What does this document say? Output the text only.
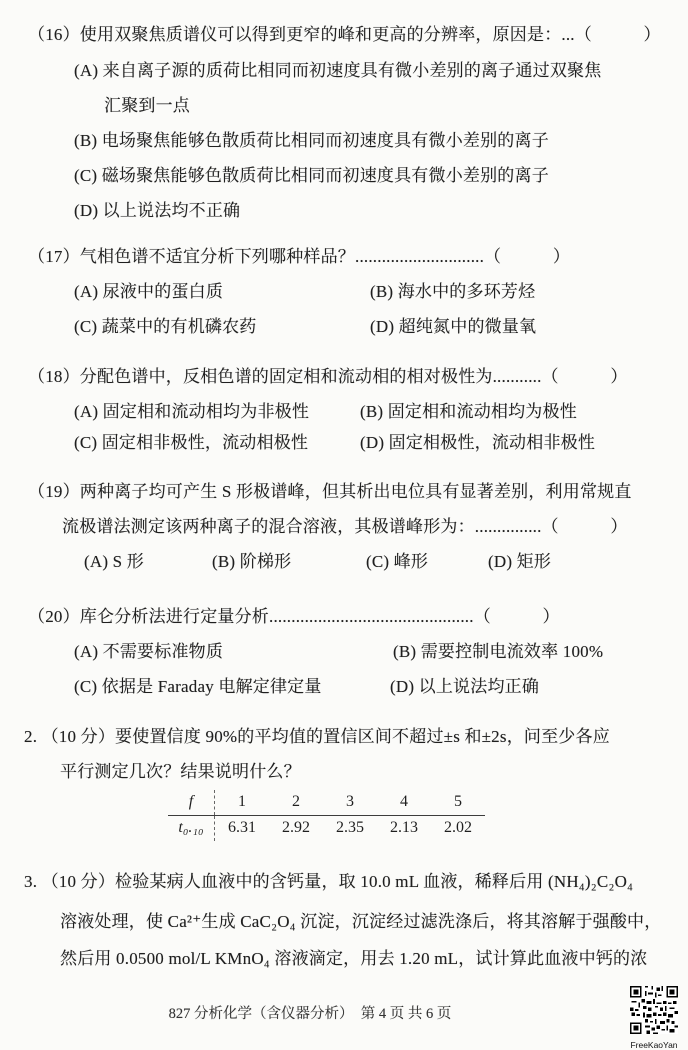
（16）使用双聚焦质谱仪可以得到更窄的峰和更高的分辨率，原因是：...（　　　）
(A) 来自离子源的质荷比相同而初速度具有微小差别的离子通过双聚焦
汇聚到一点
(B) 电场聚焦能够色散质荷比相同而初速度具有微小差别的离子
(C) 磁场聚焦能够色散质荷比相同而初速度具有微小差别的离子
(D) 以上说法均不正确
（17）气相色谱不适宜分析下列哪种样品？.............................（　　　）
(A) 尿液中的蛋白质	(B) 海水中的多环芳烃
(C) 蔬菜中的有机磷农药	(D) 超纯氮中的微量氧
（18）分配色谱中，反相色谱的固定相和流动相的相对极性为...........（　　　）
(A) 固定相和流动相均为非极性	(B) 固定相和流动相均为极性
(C) 固定相非极性，流动相极性	(D) 固定相极性，流动相非极性
（19）两种离子均可产生 S 形极谱峰，但其析出电位具有显著差别，利用常规直
流极谱法测定该两种离子的混合溶液，其极谱峰形为：...............（　　　）
(A) S 形	(B) 阶梯形	(C) 峰形	(D) 矩形
（20）库仑分析法进行定量分析..............................................（　　　）
(A) 不需要标准物质	(B) 需要控制电流效率 100%
(C) 依据是 Faraday 电解定律定量	(D) 以上说法均正确
2. （10 分）要使置信度 90%的平均值的置信区间不超过±s 和±2s，问至少各应
平行测定几次？结果说明什么？
f	1	2	3	4	5
t₀.₁₀	6.31	2.92	2.35	2.13	2.02
3. （10 分）检验某病人血液中的含钙量，取 10.0 mL 血液，稀释后用 (NH₄)₂C₂O₄
溶液处理，使 Ca²⁺生成 CaC₂O₄ 沉淀，沉淀经过滤洗涤后，将其溶解于强酸中，
然后用 0.0500 mol/L KMnO₄ 溶液滴定，用去 1.20 mL，试计算此血液中钙的浓
827 分析化学（含仪器分析）　第 4 页 共 6 页
FreeKaoYan
